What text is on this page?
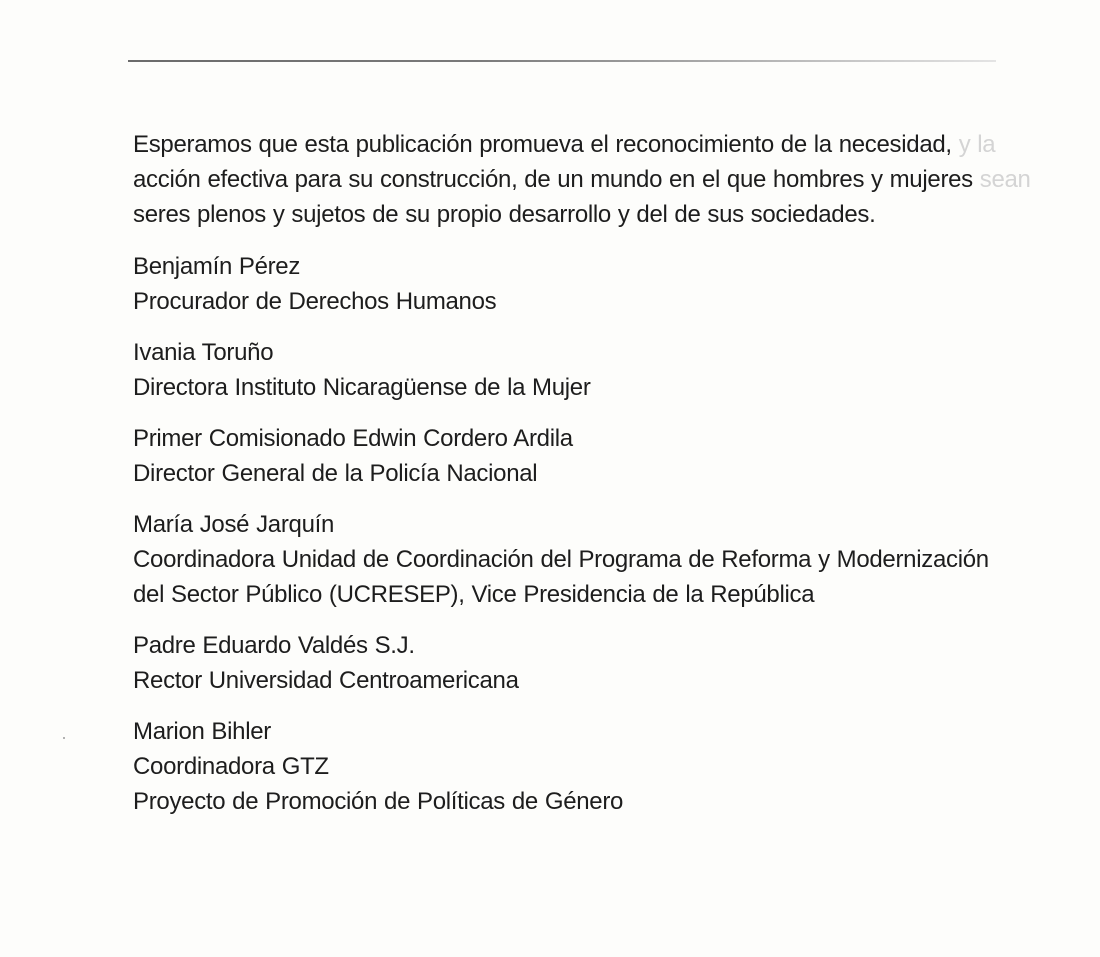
Esperamos que esta publicación promueva el reconocimiento de la necesidad, y la
acción efectiva para su construcción, de un mundo en el que hombres y mujeres sean
seres plenos y sujetos de su propio desarrollo y del de sus sociedades.

Benjamín Pérez
Procurador de Derechos Humanos
Ivania Toruño
Directora Instituto Nicaragüense de la Mujer
Primer Comisionado Edwin Cordero Ardila
Director General de la Policía Nacional
María José Jarquín
Coordinadora Unidad de Coordinación del Programa de Reforma y Modernización
del Sector Público (UCRESEP), Vice Presidencia de la República
Padre Eduardo Valdés S.J.
Rector Universidad Centroamericana
Marion Bihler
Coordinadora GTZ
Proyecto de Promoción de Políticas de Género
